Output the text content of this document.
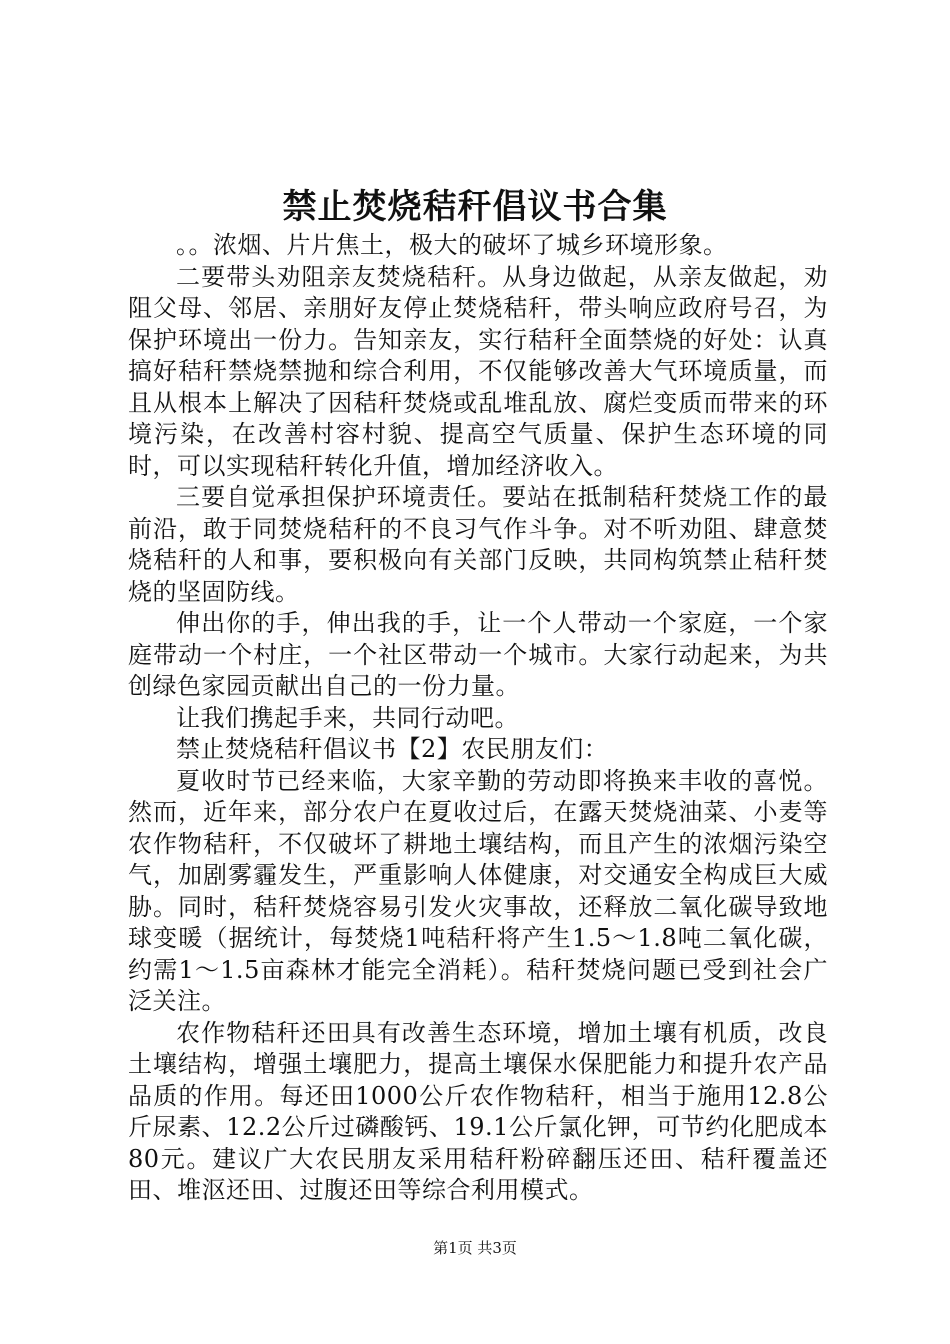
禁止焚烧秸秆倡议书合集

。。浓烟、片片焦土，极大的破坏了城乡环境形象。

二要带头劝阻亲友焚烧秸秆。从身边做起，从亲友做起，劝阻父母、邻居、亲朋好友停止焚烧秸秆，带头响应政府号召，为保护环境出一份力。告知亲友，实行秸秆全面禁烧的好处：认真搞好秸秆禁烧禁抛和综合利用，不仅能够改善大气环境质量，而且从根本上解决了因秸秆焚烧或乱堆乱放、腐烂变质而带来的环境污染，在改善村容村貌、提高空气质量、保护生态环境的同时，可以实现秸秆转化升值，增加经济收入。

三要自觉承担保护环境责任。要站在抵制秸秆焚烧工作的最前沿，敢于同焚烧秸秆的不良习气作斗争。对不听劝阻、肆意焚烧秸秆的人和事，要积极向有关部门反映，共同构筑禁止秸秆焚烧的坚固防线。

伸出你的手，伸出我的手，让一个人带动一个家庭，一个家庭带动一个村庄，一个社区带动一个城市。大家行动起来，为共创绿色家园贡献出自己的一份力量。

让我们携起手来，共同行动吧。

禁止焚烧秸秆倡议书【2】农民朋友们：

夏收时节已经来临，大家辛勤的劳动即将换来丰收的喜悦。然而，近年来，部分农户在夏收过后，在露天焚烧油菜、小麦等农作物秸秆，不仅破坏了耕地土壤结构，而且产生的浓烟污染空气，加剧雾霾发生，严重影响人体健康，对交通安全构成巨大威胁。同时，秸秆焚烧容易引发火灾事故，还释放二氧化碳导致地球变暖（据统计，每焚烧1吨秸秆将产生1.5～1.8吨二氧化碳，约需1～1.5亩森林才能完全消耗）。秸秆焚烧问题已受到社会广泛关注。

农作物秸秆还田具有改善生态环境，增加土壤有机质，改良土壤结构，增强土壤肥力，提高土壤保水保肥能力和提升农产品品质的作用。每还田1000公斤农作物秸秆，相当于施用12.8公斤尿素、12.2公斤过磷酸钙、19.1公斤氯化钾，可节约化肥成本80元。建议广大农民朋友采用秸秆粉碎翻压还田、秸秆覆盖还田、堆沤还田、过腹还田等综合利用模式。

第1页 共3页
